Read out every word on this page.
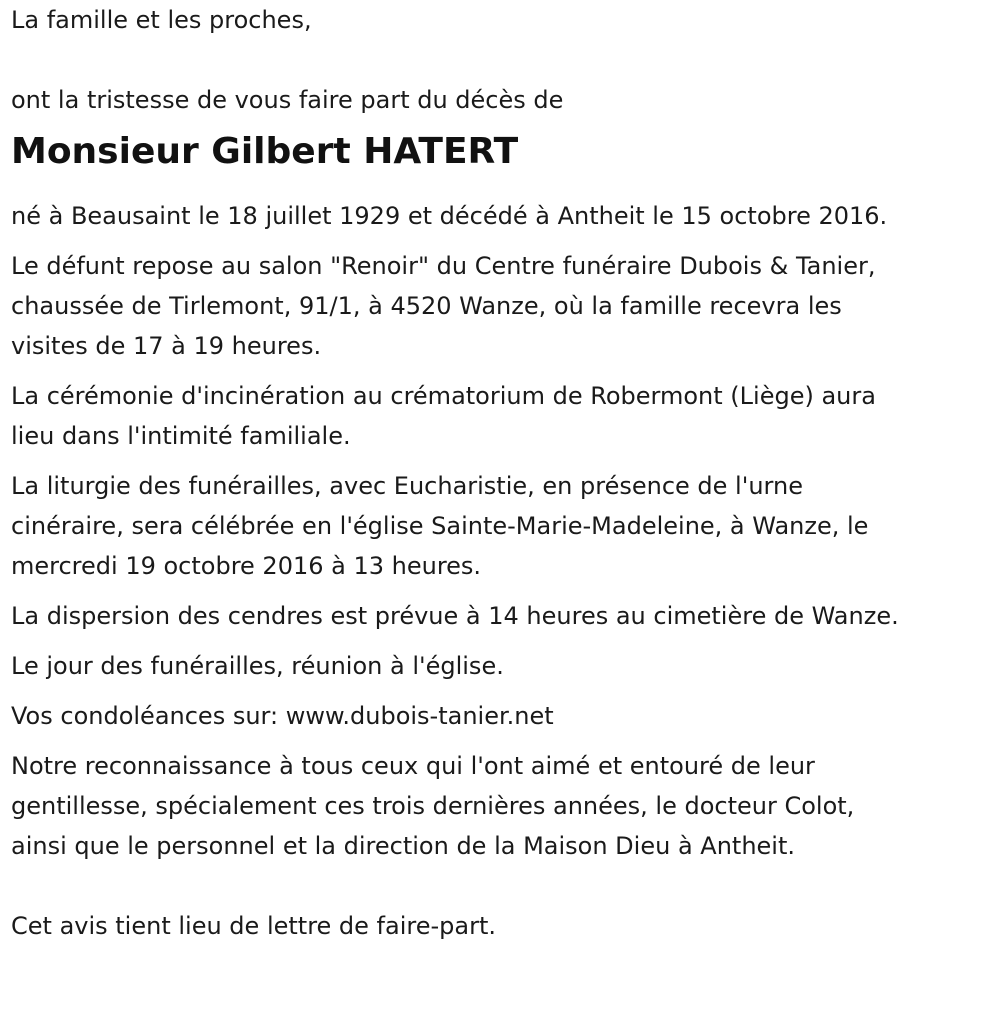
La famille et les proches,

ont la tristesse de vous faire part du décès de

Monsieur Gilbert HATERT

né à Beausaint le 18 juillet 1929 et décédé à Antheit le 15 octobre 2016.

Le défunt repose au salon "Renoir" du Centre funéraire Dubois & Tanier,

chaussée de Tirlemont, 91/1, à 4520 Wanze, où la famille recevra les

visites de 17 à 19 heures.

La cérémonie d'incinération au crématorium de Robermont (Liège) aura

lieu dans l'intimité familiale.

La liturgie des funérailles, avec Eucharistie, en présence de l'urne

cinéraire, sera célébrée en l'église Sainte-Marie-Madeleine, à Wanze, le

mercredi 19 octobre 2016 à 13 heures.

La dispersion des cendres est prévue à 14 heures au cimetière de Wanze.

Le jour des funérailles, réunion à l'église.

Vos condoléances sur: www.dubois-tanier.net

Notre reconnaissance à tous ceux qui l'ont aimé et entouré de leur

gentillesse, spécialement ces trois dernières années, le docteur Colot,

ainsi que le personnel et la direction de la Maison Dieu à Antheit.

Cet avis tient lieu de lettre de faire-part.
